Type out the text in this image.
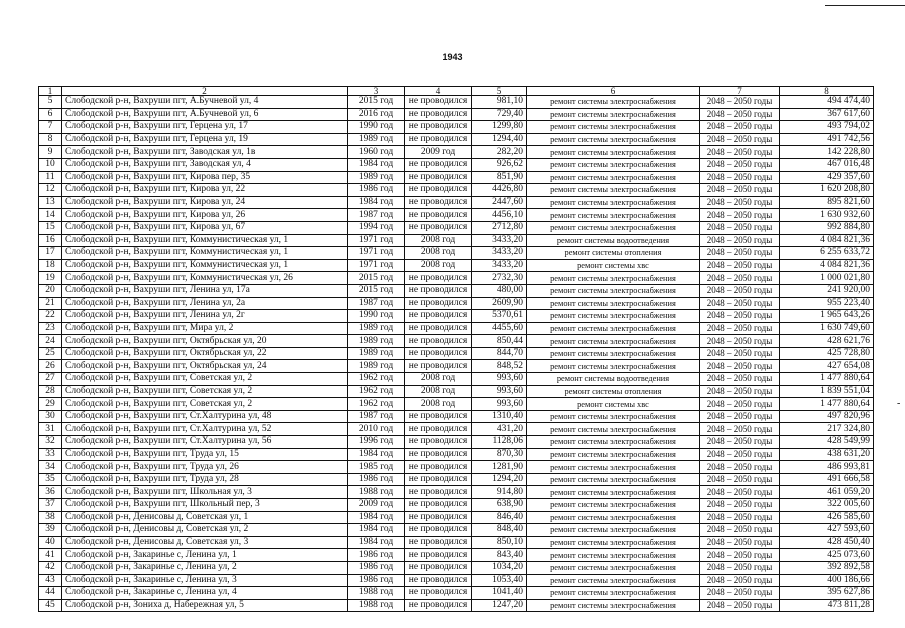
1943
-
1	2	3	4	5	6	7	8
5	Слободской р-н, Вахруши пгт, А.Бучневой ул, 4	2015 год	не проводился	981,10	ремонт системы электроснабжения	2048 – 2050 годы	494 474,40
6	Слободской р-н, Вахруши пгт, А.Бучневой ул, 6	2016 год	не проводился	729,40	ремонт системы электроснабжения	2048 – 2050 годы	367 617,60
7	Слободской р-н, Вахруши пгт, Герцена ул, 17	1990 год	не проводился	1299,80	ремонт системы электроснабжения	2048 – 2050 годы	493 794,02
8	Слободской р-н, Вахруши пгт, Герцена ул, 19	1989 год	не проводился	1294,40	ремонт системы электроснабжения	2048 – 2050 годы	491 742,56
9	Слободской р-н, Вахруши пгт, Заводская ул, 1в	1960 год	2009 год	282,20	ремонт системы электроснабжения	2048 – 2050 годы	142 228,80
10	Слободской р-н, Вахруши пгт, Заводская ул, 4	1984 год	не проводился	926,62	ремонт системы электроснабжения	2048 – 2050 годы	467 016,48
11	Слободской р-н, Вахруши пгт, Кирова пер, 35	1989 год	не проводился	851,90	ремонт системы электроснабжения	2048 – 2050 годы	429 357,60
12	Слободской р-н, Вахруши пгт, Кирова ул, 22	1986 год	не проводился	4426,80	ремонт системы электроснабжения	2048 – 2050 годы	1 620 208,80
13	Слободской р-н, Вахруши пгт, Кирова ул, 24	1984 год	не проводился	2447,60	ремонт системы электроснабжения	2048 – 2050 годы	895 821,60
14	Слободской р-н, Вахруши пгт, Кирова ул, 26	1987 год	не проводился	4456,10	ремонт системы электроснабжения	2048 – 2050 годы	1 630 932,60
15	Слободской р-н, Вахруши пгт, Кирова ул, 67	1994 год	не проводился	2712,80	ремонт системы электроснабжения	2048 – 2050 годы	992 884,80
16	Слободской р-н, Вахруши пгт, Коммунистическая ул, 1	1971 год	2008 год	3433,20	ремонт системы водоотведения	2048 – 2050 годы	4 084 821,36
17	Слободской р-н, Вахруши пгт, Коммунистическая ул, 1	1971 год	2008 год	3433,20	ремонт системы отопления	2048 – 2050 годы	6 255 633,72
18	Слободской р-н, Вахруши пгт, Коммунистическая ул, 1	1971 год	2008 год	3433,20	ремонт системы хвс	2048 – 2050 годы	4 084 821,36
19	Слободской р-н, Вахруши пгт, Коммунистическая ул, 26	2015 год	не проводился	2732,30	ремонт системы электроснабжения	2048 – 2050 годы	1 000 021,80
20	Слободской р-н, Вахруши пгт, Ленина ул, 17а	2015 год	не проводился	480,00	ремонт системы электроснабжения	2048 – 2050 годы	241 920,00
21	Слободской р-н, Вахруши пгт, Ленина ул, 2а	1987 год	не проводился	2609,90	ремонт системы электроснабжения	2048 – 2050 годы	955 223,40
22	Слободской р-н, Вахруши пгт, Ленина ул, 2г	1990 год	не проводился	5370,61	ремонт системы электроснабжения	2048 – 2050 годы	1 965 643,26
23	Слободской р-н, Вахруши пгт, Мира ул, 2	1989 год	не проводился	4455,60	ремонт системы электроснабжения	2048 – 2050 годы	1 630 749,60
24	Слободской р-н, Вахруши пгт, Октябрьская ул, 20	1989 год	не проводился	850,44	ремонт системы электроснабжения	2048 – 2050 годы	428 621,76
25	Слободской р-н, Вахруши пгт, Октябрьская ул, 22	1989 год	не проводился	844,70	ремонт системы электроснабжения	2048 – 2050 годы	425 728,80
26	Слободской р-н, Вахруши пгт, Октябрьская ул, 24	1989 год	не проводился	848,52	ремонт системы электроснабжения	2048 – 2050 годы	427 654,08
27	Слободской р-н, Вахруши пгт, Советская ул, 2	1962 год	2008 год	993,60	ремонт системы водоотведения	2048 – 2050 годы	1 477 880,64
28	Слободской р-н, Вахруши пгт, Советская ул, 2	1962 год	2008 год	993,60	ремонт системы отопления	2048 – 2050 годы	1 839 551,04
29	Слободской р-н, Вахруши пгт, Советская ул, 2	1962 год	2008 год	993,60	ремонт системы хвс	2048 – 2050 годы	1 477 880,64
30	Слободской р-н, Вахруши пгт, Ст.Халтурина ул, 48	1987 год	не проводился	1310,40	ремонт системы электроснабжения	2048 – 2050 годы	497 820,96
31	Слободской р-н, Вахруши пгт, Ст.Халтурина ул, 52	2010 год	не проводился	431,20	ремонт системы электроснабжения	2048 – 2050 годы	217 324,80
32	Слободской р-н, Вахруши пгт, Ст.Халтурина ул, 56	1996 год	не проводился	1128,06	ремонт системы электроснабжения	2048 – 2050 годы	428 549,99
33	Слободской р-н, Вахруши пгт, Труда ул, 15	1984 год	не проводился	870,30	ремонт системы электроснабжения	2048 – 2050 годы	438 631,20
34	Слободской р-н, Вахруши пгт, Труда ул, 26	1985 год	не проводился	1281,90	ремонт системы электроснабжения	2048 – 2050 годы	486 993,81
35	Слободской р-н, Вахруши пгт, Труда ул, 28	1986 год	не проводился	1294,20	ремонт системы электроснабжения	2048 – 2050 годы	491 666,58
36	Слободской р-н, Вахруши пгт, Школьная ул, 3	1988 год	не проводился	914,80	ремонт системы электроснабжения	2048 – 2050 годы	461 059,20
37	Слободской р-н, Вахруши пгт, Школьный пер, 3	2009 год	не проводился	638,90	ремонт системы электроснабжения	2048 – 2050 годы	322 005,60
38	Слободской р-н, Денисовы д, Советская ул, 1	1984 год	не проводился	846,40	ремонт системы электроснабжения	2048 – 2050 годы	426 585,60
39	Слободской р-н, Денисовы д, Советская ул, 2	1984 год	не проводился	848,40	ремонт системы электроснабжения	2048 – 2050 годы	427 593,60
40	Слободской р-н, Денисовы д, Советская ул, 3	1984 год	не проводился	850,10	ремонт системы электроснабжения	2048 – 2050 годы	428 450,40
41	Слободской р-н, Закаринье с, Ленина ул, 1	1986 год	не проводился	843,40	ремонт системы электроснабжения	2048 – 2050 годы	425 073,60
42	Слободской р-н, Закаринье с, Ленина ул, 2	1986 год	не проводился	1034,20	ремонт системы электроснабжения	2048 – 2050 годы	392 892,58
43	Слободской р-н, Закаринье с, Ленина ул, 3	1986 год	не проводился	1053,40	ремонт системы электроснабжения	2048 – 2050 годы	400 186,66
44	Слободской р-н, Закаринье с, Ленина ул, 4	1988 год	не проводился	1041,40	ремонт системы электроснабжения	2048 – 2050 годы	395 627,86
45	Слободской р-н, Зониха д, Набережная ул, 5	1988 год	не проводился	1247,20	ремонт системы электроснабжения	2048 – 2050 годы	473 811,28
